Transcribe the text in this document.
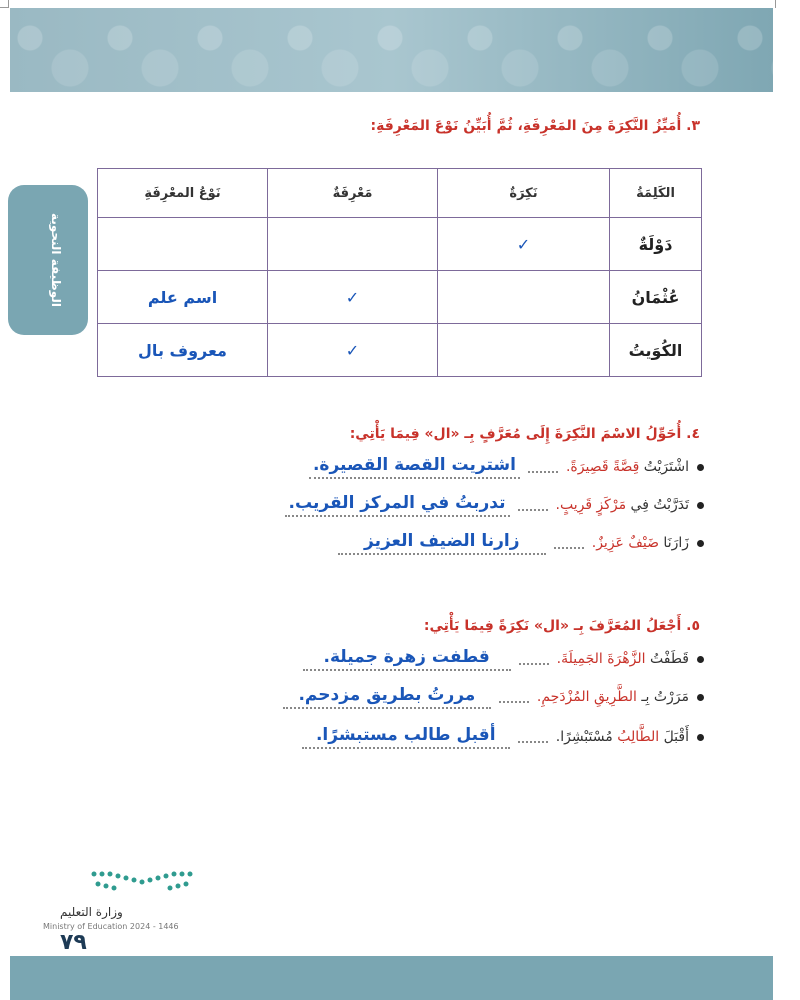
الوظيفة النحوية
٣. أُمَيِّزُ النَّكِرَةَ مِنَ المَعْرِفَةِ، ثُمَّ أُبَيِّنُ نَوْعَ المَعْرِفَةِ:
الكَلِمَةُ	نَكِرَةٌ	مَعْرِفَةٌ	نَوْعُ المعْرِفَةِ
دَوْلَةٌ	✓		
عُثْمَانُ		✓	اسم علم
الكُوَيتُ		✓	معروف بال
٤. أُحَوِّلُ الاسْمَ النَّكِرَةَ إِلَى مُعَرَّفٍ بِـ «ال» فِيمَا يَأْتِي:
اشْتَرَيْتُ قِصَّةً قَصِيرَةً.
اشتريت القصة القصيرة.
تَدَرَّبْتُ فِي مَرْكَزٍ قَرِيبٍ.
تدربتُ في المركز القريب.
زَارَنَا ضَيْفٌ عَزِيزٌ.
زارنا الضيف العزيز
٥. أَجْعَلُ المُعَرَّفَ بِـ «ال» نَكِرَةً فِيمَا يَأْتِي:
قَطَفْتُ الزَّهْرَةَ الجَمِيلَةَ.
قطفت زهرة جميلة.
مَرَرْتُ بِـ الطَّرِيقِ المُزْدَحِمِ.
مررتُ بطريق مزدحم.
أَقْبَلَ الطَّالِبُ مُسْتَبْشِرًا.
أقبل طالب مستبشرًا.
وزارة التعليم
Ministry of Education 2024 - 1446
٧٩
